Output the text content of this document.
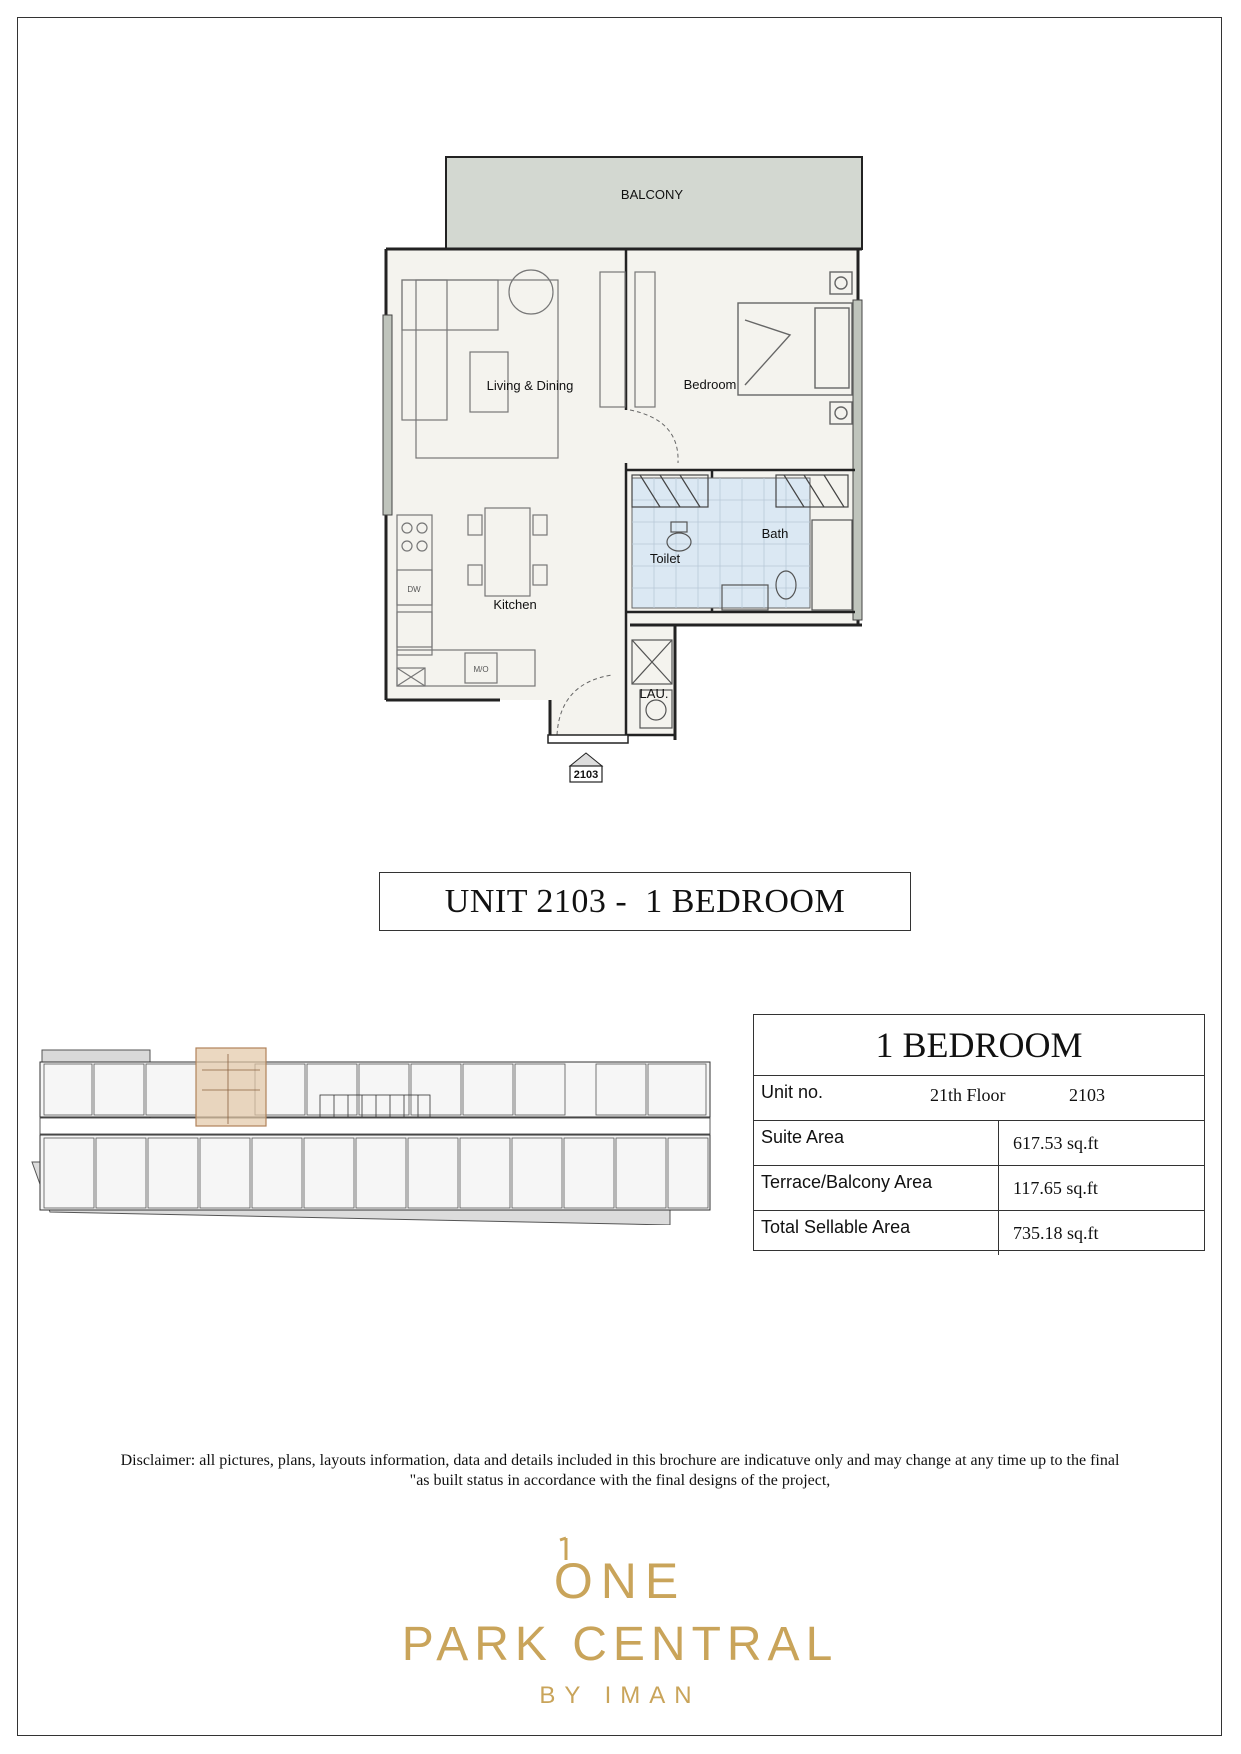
2103
BALCONY
Living & Dining	Bedroom
Bath
Toilet
Kitchen
LAU.
DW
M/O
UNIT 2103 -  1 BEDROOM
1 BEDROOM
Unit no.	21th Floor	2103
Suite Area	617.53 sq.ft
Terrace/Balcony Area	117.65 sq.ft
Total Sellable Area	735.18 sq.ft
Disclaimer: all pictures, plans, layouts information, data and details included in this brochure are indicatuve only and may change at any time up to the final
"as built status in accordance with the final designs of the project,
ONE
PARK CENTRAL
BY IMAN
